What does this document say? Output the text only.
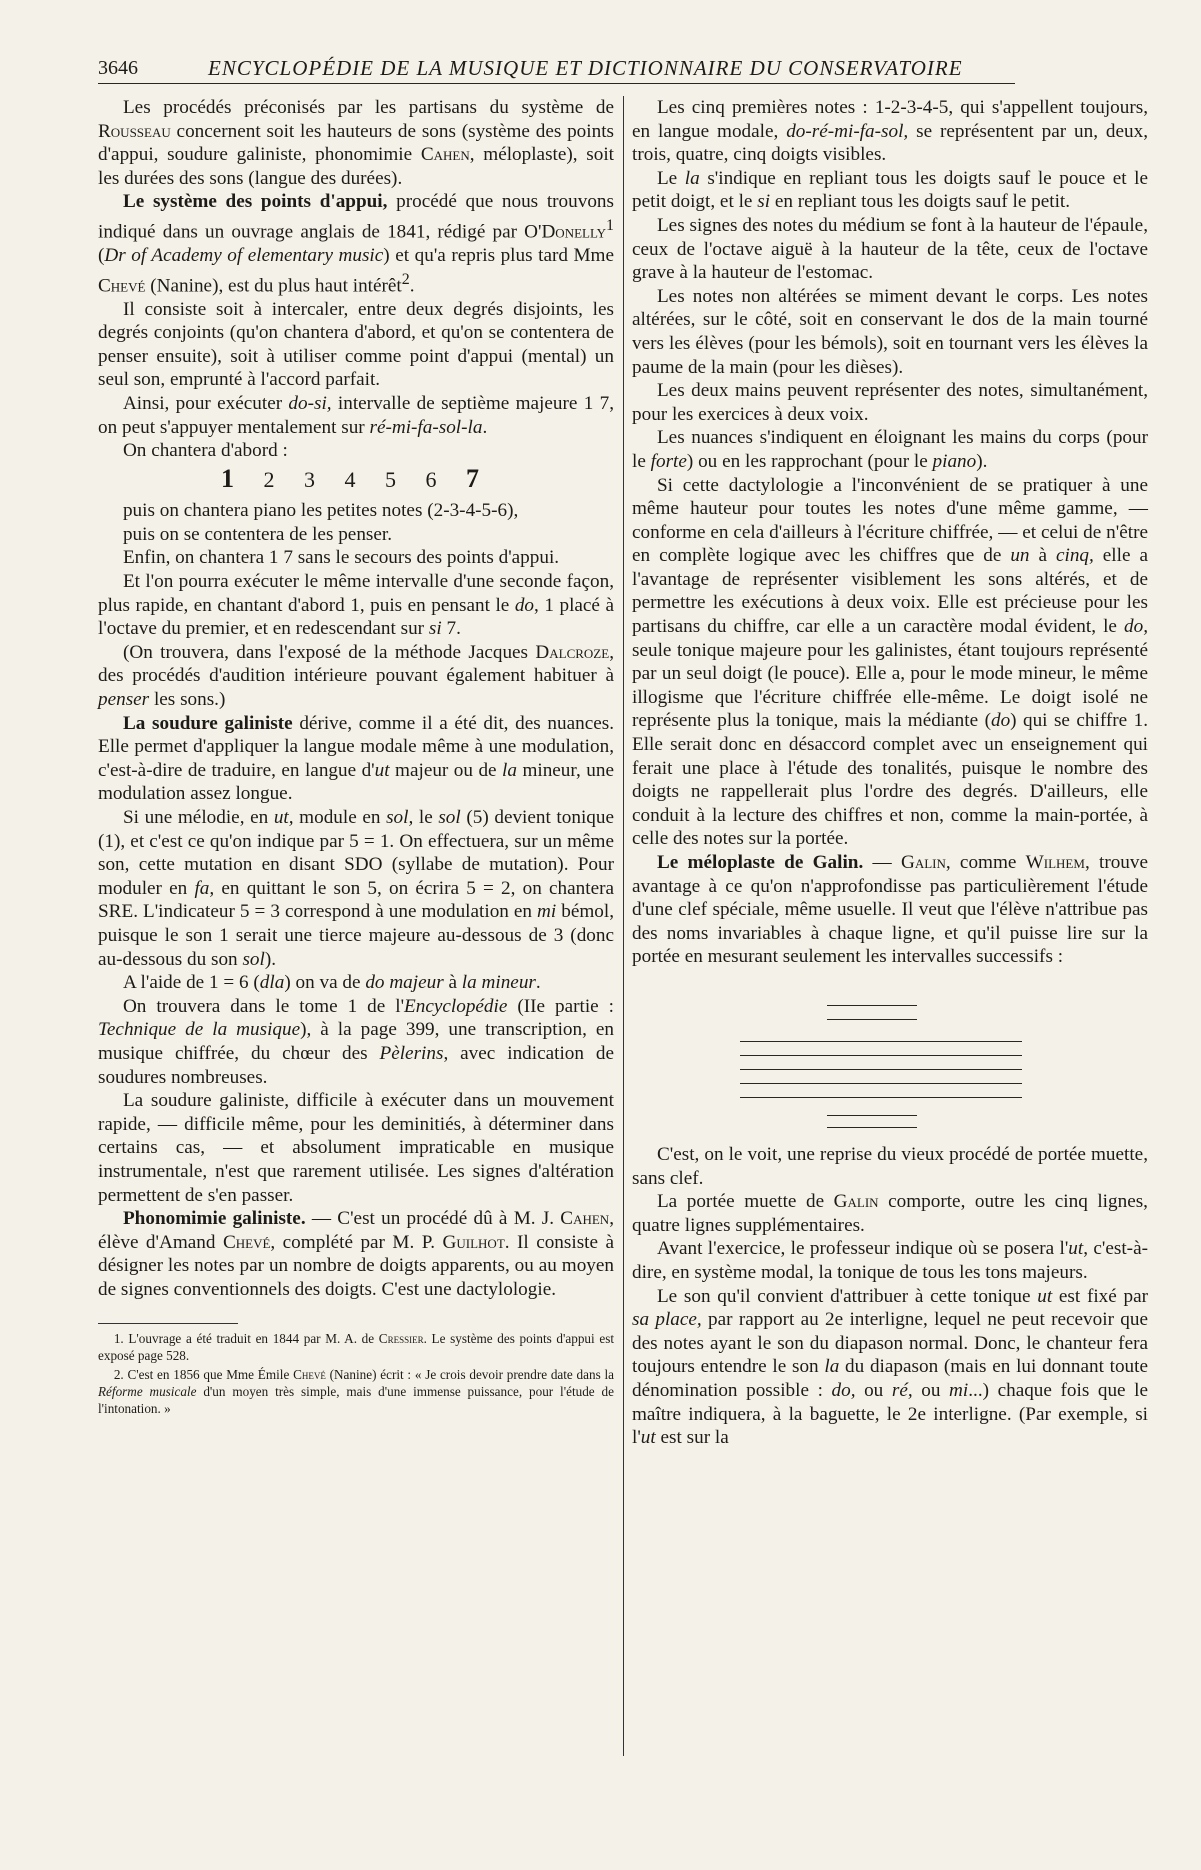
3646	ENCYCLOPÉDIE DE LA MUSIQUE ET DICTIONNAIRE DU CONSERVATOIRE

Les procédés préconisés par les partisans du système de Rousseau concernent soit les hauteurs de sons (système des points d'appui, soudure galiniste, phonomimie Cahen, méloplaste), soit les durées des sons (langue des durées).

Le système des points d'appui, procédé que nous trouvons indiqué dans un ouvrage anglais de 1841, rédigé par O'Donelly$^1$ (Dr of Academy of elementary music) et qu'a repris plus tard Mme Chevé (Nanine), est du plus haut intérêt$^2$.

Il consiste soit à intercaler, entre deux degrés disjoints, les degrés conjoints (qu'on chantera d'abord, et qu'on se contentera de penser ensuite), soit à utiliser comme point d'appui (mental) un seul son, emprunté à l'accord parfait.

Ainsi, pour exécuter do-si, intervalle de septième majeure 1 7, on peut s'appuyer mentalement sur ré-mi-fa-sol-la.

On chantera d'abord :

1 2 3 4 5 6 7

puis on chantera piano les petites notes (2-3-4-5-6),

puis on se contentera de les penser.

Enfin, on chantera 1 7 sans le secours des points d'appui.

Et l'on pourra exécuter le même intervalle d'une seconde façon, plus rapide, en chantant d'abord 1, puis en pensant le do, 1 placé à l'octave du premier, et en redescendant sur si 7.

(On trouvera, dans l'exposé de la méthode Jacques Dalcroze, des procédés d'audition intérieure pouvant également habituer à penser les sons.)

La soudure galiniste dérive, comme il a été dit, des nuances. Elle permet d'appliquer la langue modale même à une modulation, c'est-à-dire de traduire, en langue d'ut majeur ou de la mineur, une modulation assez longue.

Si une mélodie, en ut, module en sol, le sol (5) devient tonique (1), et c'est ce qu'on indique par 5 = 1. On effectuera, sur un même son, cette mutation en disant SDO (syllabe de mutation). Pour moduler en fa, en quittant le son 5, on écrira 5 = 2, on chantera SRE. L'indicateur 5 = 3 correspond à une modulation en mi bémol, puisque le son 1 serait une tierce majeure au-dessous de 3 (donc au-dessous du son sol).

A l'aide de 1 = 6 (dla) on va de do majeur à la mineur.

On trouvera dans le tome 1 de l'Encyclopédie (IIe partie : Technique de la musique), à la page 399, une transcription, en musique chiffrée, du chœur des Pèlerins, avec indication de soudures nombreuses.

La soudure galiniste, difficile à exécuter dans un mouvement rapide, — difficile même, pour les deminitiés, à déterminer dans certains cas, — et absolument impraticable en musique instrumentale, n'est que rarement utilisée. Les signes d'altération permettent de s'en passer.

Phonomimie galiniste. — C'est un procédé dû à M. J. Cahen, élève d'Amand Chevé, complété par M. P. Guilhot. Il consiste à désigner les notes par un nombre de doigts apparents, ou au moyen de signes conventionnels des doigts. C'est une dactylologie.

1. L'ouvrage a été traduit en 1844 par M. A. de Cressier. Le système des points d'appui est exposé page 528.
2. C'est en 1856 que Mme Émile Chevé (Nanine) écrit : « Je crois devoir prendre date dans la Réforme musicale d'un moyen très simple, mais d'une immense puissance, pour l'étude de l'intonation. »

Les cinq premières notes : 1-2-3-4-5, qui s'appellent toujours, en langue modale, do-ré-mi-fa-sol, se représentent par un, deux, trois, quatre, cinq doigts visibles.

Le la s'indique en repliant tous les doigts sauf le pouce et le petit doigt, et le si en repliant tous les doigts sauf le petit.

Les signes des notes du médium se font à la hauteur de l'épaule, ceux de l'octave aiguë à la hauteur de la tête, ceux de l'octave grave à la hauteur de l'estomac.

Les notes non altérées se miment devant le corps. Les notes altérées, sur le côté, soit en conservant le dos de la main tourné vers les élèves (pour les bémols), soit en tournant vers les élèves la paume de la main (pour les dièses).

Les deux mains peuvent représenter des notes, simultanément, pour les exercices à deux voix.

Les nuances s'indiquent en éloignant les mains du corps (pour le forte) ou en les rapprochant (pour le piano).

Si cette dactylologie a l'inconvénient de se pratiquer à une même hauteur pour toutes les notes d'une même gamme, — conforme en cela d'ailleurs à l'écriture chiffrée, — et celui de n'être en complète logique avec les chiffres que de un à cinq, elle a l'avantage de représenter visiblement les sons altérés, et de permettre les exécutions à deux voix. Elle est précieuse pour les partisans du chiffre, car elle a un caractère modal évident, le do, seule tonique majeure pour les galinistes, étant toujours représenté par un seul doigt (le pouce). Elle a, pour le mode mineur, le même illogisme que l'écriture chiffrée elle-même. Le doigt isolé ne représente plus la tonique, mais la médiante (do) qui se chiffre 1. Elle serait donc en désaccord complet avec un enseignement qui ferait une place à l'étude des tonalités, puisque le nombre des doigts ne rappellerait plus l'ordre des degrés. D'ailleurs, elle conduit à la lecture des chiffres et non, comme la main-portée, à celle des notes sur la portée.

Le méloplaste de Galin. — Galin, comme Wilhem, trouve avantage à ce qu'on n'approfondisse pas particulièrement l'étude d'une clef spéciale, même usuelle. Il veut que l'élève n'attribue pas des noms invariables à chaque ligne, et qu'il puisse lire sur la portée en mesurant seulement les intervalles successifs :

C'est, on le voit, une reprise du vieux procédé de portée muette, sans clef.

La portée muette de Galin comporte, outre les cinq lignes, quatre lignes supplémentaires.

Avant l'exercice, le professeur indique où se posera l'ut, c'est-à-dire, en système modal, la tonique de tous les tons majeurs.

Le son qu'il convient d'attribuer à cette tonique ut est fixé par sa place, par rapport au 2e interligne, lequel ne peut recevoir que des notes ayant le son du diapason normal. Donc, le chanteur fera toujours entendre le son la du diapason (mais en lui donnant toute dénomination possible : do, ou ré, ou mi...) chaque fois que le maître indiquera, à la baguette, le 2e interligne. (Par exemple, si l'ut est sur la
